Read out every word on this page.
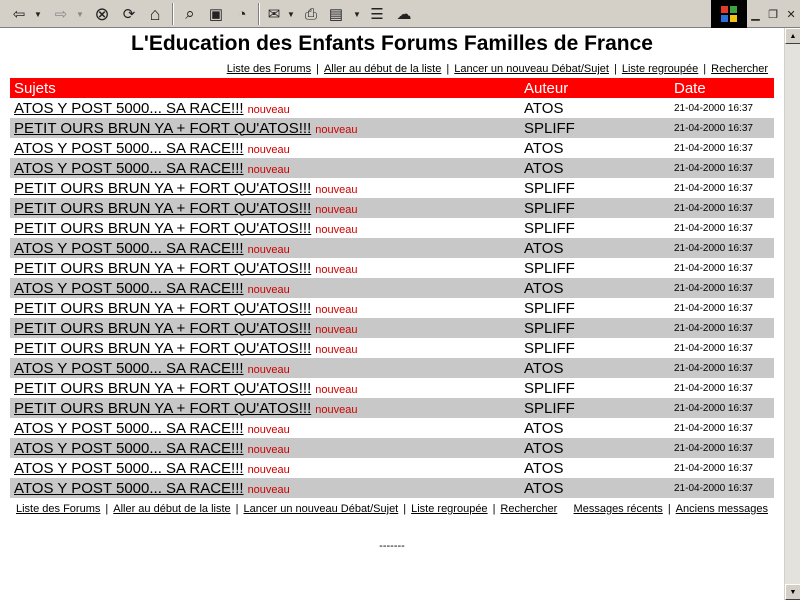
⇦	▼ ⇨	▼ ⊗ ⟳ ⌂	⌕ ▣ ◔	✉ ▼ ⎙ ▤	▼ ☰ ☁	▁ ❐ ✕
L'Education des Enfants Forums Familles de France
Liste des Forums | Aller au début de la liste | Lancer un nouveau Débat/Sujet | Liste regroupée | Rechercher
Sujets	Auteur	Date
ATOS Y POST 5000... SA RACE!!! nouveau	ATOS	21-04-2000 16:37
PETIT OURS BRUN YA + FORT QU'ATOS!!! nouveau	SPLIFF	21-04-2000 16:37
ATOS Y POST 5000... SA RACE!!! nouveau	ATOS	21-04-2000 16:37
ATOS Y POST 5000... SA RACE!!! nouveau	ATOS	21-04-2000 16:37
PETIT OURS BRUN YA + FORT QU'ATOS!!! nouveau	SPLIFF	21-04-2000 16:37
PETIT OURS BRUN YA + FORT QU'ATOS!!! nouveau	SPLIFF	21-04-2000 16:37
PETIT OURS BRUN YA + FORT QU'ATOS!!! nouveau	SPLIFF	21-04-2000 16:37
ATOS Y POST 5000... SA RACE!!! nouveau	ATOS	21-04-2000 16:37
PETIT OURS BRUN YA + FORT QU'ATOS!!! nouveau	SPLIFF	21-04-2000 16:37
ATOS Y POST 5000... SA RACE!!! nouveau	ATOS	21-04-2000 16:37
PETIT OURS BRUN YA + FORT QU'ATOS!!! nouveau	SPLIFF	21-04-2000 16:37
PETIT OURS BRUN YA + FORT QU'ATOS!!! nouveau	SPLIFF	21-04-2000 16:37
PETIT OURS BRUN YA + FORT QU'ATOS!!! nouveau	SPLIFF	21-04-2000 16:37
ATOS Y POST 5000... SA RACE!!! nouveau	ATOS	21-04-2000 16:37
PETIT OURS BRUN YA + FORT QU'ATOS!!! nouveau	SPLIFF	21-04-2000 16:37
PETIT OURS BRUN YA + FORT QU'ATOS!!! nouveau	SPLIFF	21-04-2000 16:37
ATOS Y POST 5000... SA RACE!!! nouveau	ATOS	21-04-2000 16:37
ATOS Y POST 5000... SA RACE!!! nouveau	ATOS	21-04-2000 16:37
ATOS Y POST 5000... SA RACE!!! nouveau	ATOS	21-04-2000 16:37
ATOS Y POST 5000... SA RACE!!! nouveau	ATOS	21-04-2000 16:37
Liste des Forums | Aller au début de la liste | Lancer un nouveau Débat/Sujet | Liste regroupée | Rechercher Messages récents | Anciens messages
-------
▲
▼
